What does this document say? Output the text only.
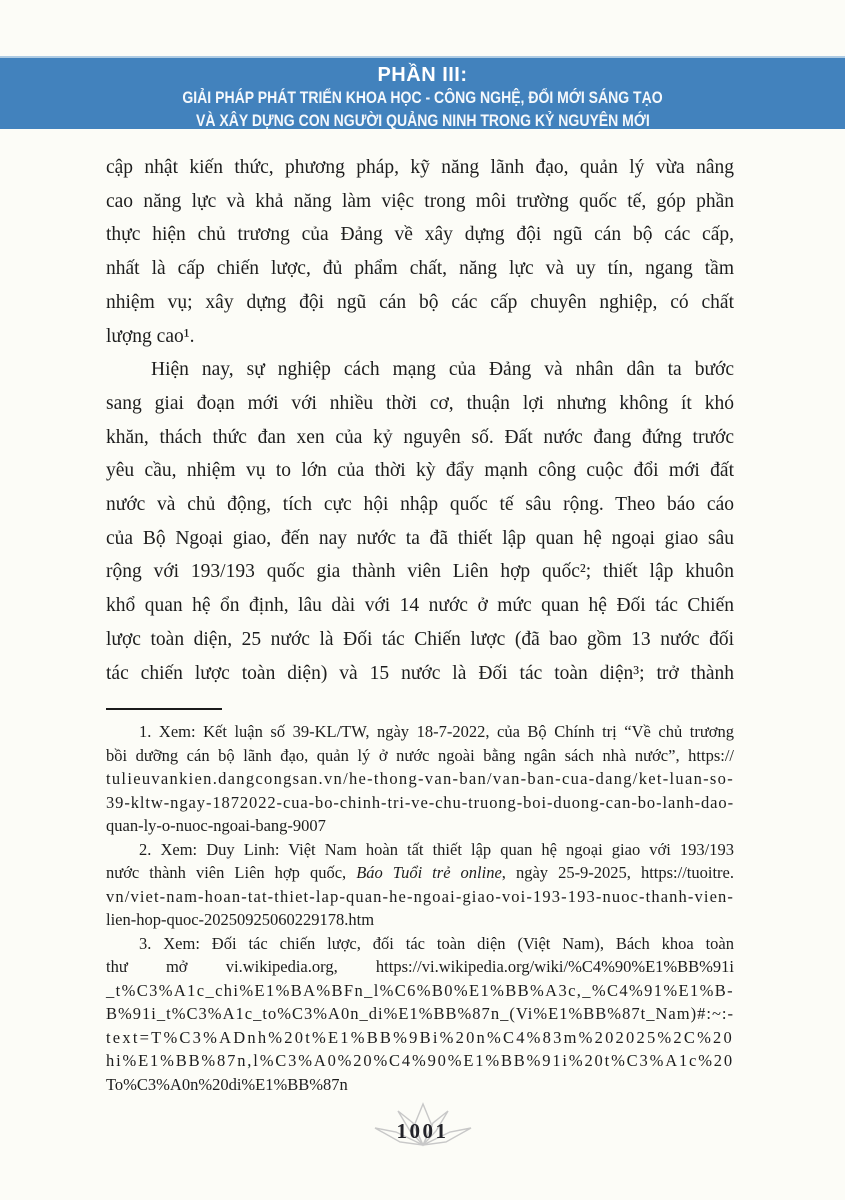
PHẦN III:
GIẢI PHÁP PHÁT TRIỂN KHOA HỌC - CÔNG NGHỆ, ĐỔI MỚI SÁNG TẠO
VÀ XÂY DỰNG CON NGƯỜI QUẢNG NINH TRONG KỶ NGUYÊN MỚI
cập nhật kiến thức, phương pháp, kỹ năng lãnh đạo, quản lý vừa nâng
cao năng lực và khả năng làm việc trong môi trường quốc tế, góp phần
thực hiện chủ trương của Đảng về xây dựng đội ngũ cán bộ các cấp,
nhất là cấp chiến lược, đủ phẩm chất, năng lực và uy tín, ngang tầm
nhiệm vụ; xây dựng đội ngũ cán bộ các cấp chuyên nghiệp, có chất
lượng cao¹.
Hiện nay, sự nghiệp cách mạng của Đảng và nhân dân ta bước
sang giai đoạn mới với nhiều thời cơ, thuận lợi nhưng không ít khó
khăn, thách thức đan xen của kỷ nguyên số. Đất nước đang đứng trước
yêu cầu, nhiệm vụ to lớn của thời kỳ đẩy mạnh công cuộc đổi mới đất
nước và chủ động, tích cực hội nhập quốc tế sâu rộng. Theo báo cáo
của Bộ Ngoại giao, đến nay nước ta đã thiết lập quan hệ ngoại giao sâu
rộng với 193/193 quốc gia thành viên Liên hợp quốc²; thiết lập khuôn
khổ quan hệ ổn định, lâu dài với 14 nước ở mức quan hệ Đối tác Chiến
lược toàn diện, 25 nước là Đối tác Chiến lược (đã bao gồm 13 nước đối
tác chiến lược toàn diện) và 15 nước là Đối tác toàn diện³; trở thành
1. Xem: Kết luận số 39-KL/TW, ngày 18-7-2022, của Bộ Chính trị “Về chủ trương
bồi dưỡng cán bộ lãnh đạo, quản lý ở nước ngoài bằng ngân sách nhà nước”, https://
tulieuvankien.dangcongsan.vn/he-thong-van-ban/van-ban-cua-dang/ket-luan-so-
39-kltw-ngay-1872022-cua-bo-chinh-tri-ve-chu-truong-boi-duong-can-bo-lanh-dao-
quan-ly-o-nuoc-ngoai-bang-9007
2. Xem: Duy Linh: Việt Nam hoàn tất thiết lập quan hệ ngoại giao với 193/193
nước thành viên Liên hợp quốc, Báo Tuổi trẻ online, ngày 25-9-2025, https://tuoitre.
vn/viet-nam-hoan-tat-thiet-lap-quan-he-ngoai-giao-voi-193-193-nuoc-thanh-vien-
lien-hop-quoc-20250925060229178.htm
3. Xem: Đối tác chiến lược, đối tác toàn diện (Việt Nam), Bách khoa toàn
thư mở vi.wikipedia.org, https://vi.wikipedia.org/wiki/%C4%90%E1%BB%91i
_t%C3%A1c_chi%E1%BA%BFn_l%C6%B0%E1%BB%A3c,_%C4%91%E1%B-
B%91i_t%C3%A1c_to%C3%A0n_di%E1%BB%87n_(Vi%E1%BB%87t_Nam)#:~:-
text=T%C3%ADnh%20t%E1%BB%9Bi%20n%C4%83m%202025%2C%20
hi%E1%BB%87n,l%C3%A0%20%C4%90%E1%BB%91i%20t%C3%A1c%20
To%C3%A0n%20di%E1%BB%87n
1001
